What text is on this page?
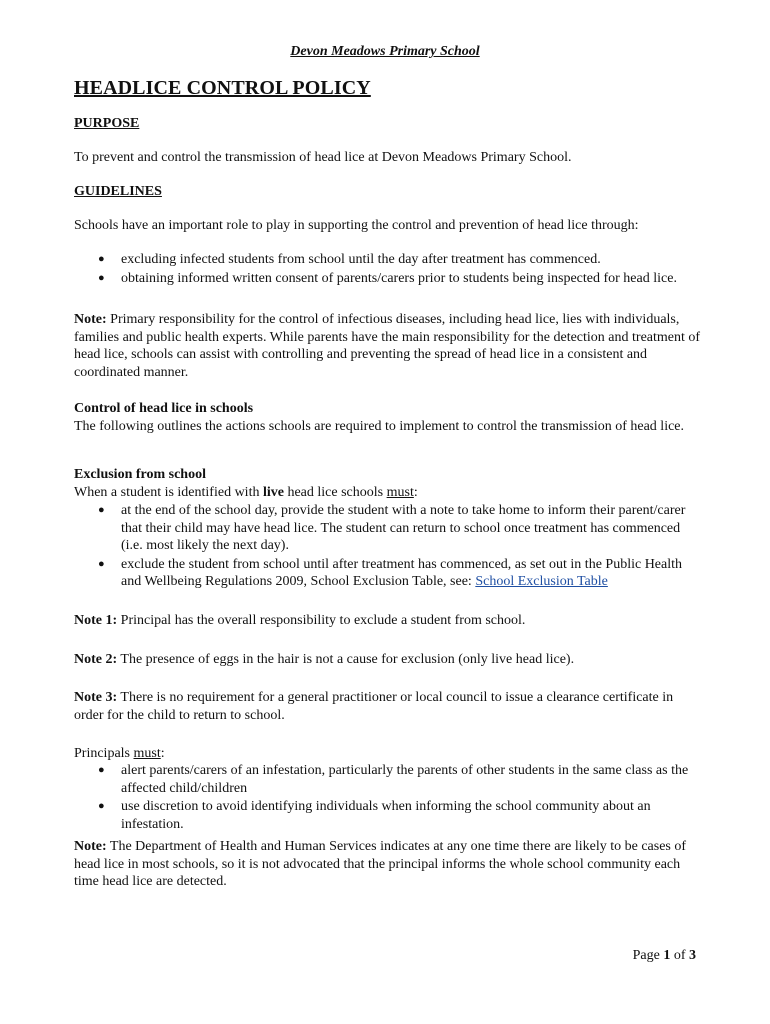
Devon Meadows Primary School
HEADLICE CONTROL POLICY
PURPOSE

To prevent and control the transmission of head lice at Devon Meadows Primary School.

GUIDELINES

Schools have an important role to play in supporting the control and prevention of head lice through:

● excluding infected students from school until the day after treatment has commenced.
● obtaining informed written consent of parents/carers prior to students being inspected for head lice.

Note: Primary responsibility for the control of infectious diseases, including head lice, lies with individuals, families and public health experts. While parents have the main responsibility for the detection and treatment of head lice, schools can assist with controlling and preventing the spread of head lice in a consistent and coordinated manner.

Control of head lice in schools

The following outlines the actions schools are required to implement to control the transmission of head lice.

Exclusion from school

When a student is identified with live head lice schools must:

● at the end of the school day, provide the student with a note to take home to inform their parent/carer that their child may have head lice. The student can return to school once treatment has commenced (i.e. most likely the next day).
● exclude the student from school until after treatment has commenced, as set out in the Public Health and Wellbeing Regulations 2009, School Exclusion Table, see: School Exclusion Table

Note 1: Principal has the overall responsibility to exclude a student from school.

Note 2: The presence of eggs in the hair is not a cause for exclusion (only live head lice).

Note 3: There is no requirement for a general practitioner or local council to issue a clearance certificate in order for the child to return to school.

Principals must:

● alert parents/carers of an infestation, particularly the parents of other students in the same class as the affected child/children
● use discretion to avoid identifying individuals when informing the school community about an infestation.

Note: The Department of Health and Human Services indicates at any one time there are likely to be cases of head lice in most schools, so it is not advocated that the principal informs the whole school community each time head lice are detected.

Page 1 of 3
